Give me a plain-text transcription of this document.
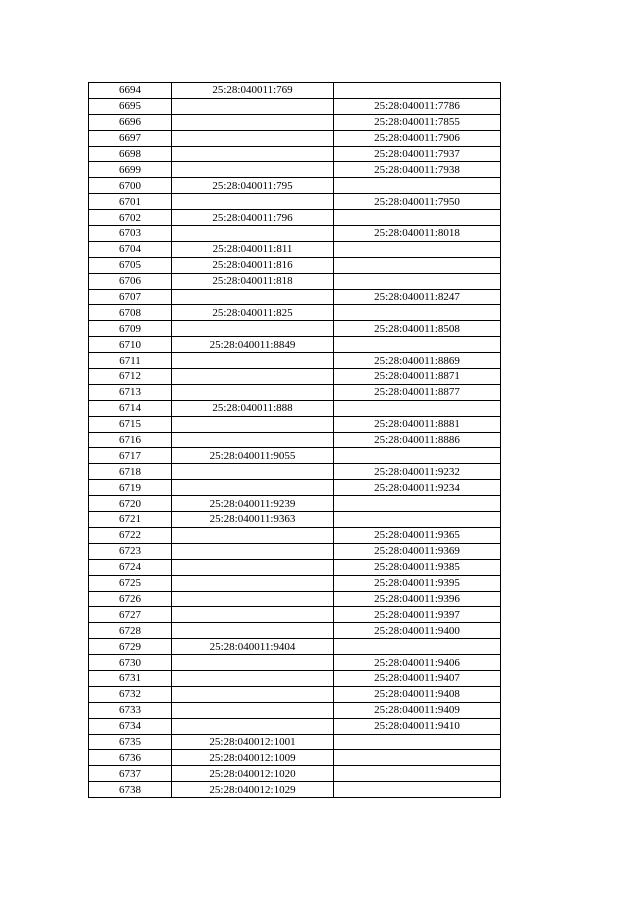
6694	25:28:040011:769	
6695		25:28:040011:7786
6696		25:28:040011:7855
6697		25:28:040011:7906
6698		25:28:040011:7937
6699		25:28:040011:7938
6700	25:28:040011:795	
6701		25:28:040011:7950
6702	25:28:040011:796	
6703		25:28:040011:8018
6704	25:28:040011:811	
6705	25:28:040011:816	
6706	25:28:040011:818	
6707		25:28:040011:8247
6708	25:28:040011:825	
6709		25:28:040011:8508
6710	25:28:040011:8849	
6711		25:28:040011:8869
6712		25:28:040011:8871
6713		25:28:040011:8877
6714	25:28:040011:888	
6715		25:28:040011:8881
6716		25:28:040011:8886
6717	25:28:040011:9055	
6718		25:28:040011:9232
6719		25:28:040011:9234
6720	25:28:040011:9239	
6721	25:28:040011:9363	
6722		25:28:040011:9365
6723		25:28:040011:9369
6724		25:28:040011:9385
6725		25:28:040011:9395
6726		25:28:040011:9396
6727		25:28:040011:9397
6728		25:28:040011:9400
6729	25:28:040011:9404	
6730		25:28:040011:9406
6731		25:28:040011:9407
6732		25:28:040011:9408
6733		25:28:040011:9409
6734		25:28:040011:9410
6735	25:28:040012:1001	
6736	25:28:040012:1009	
6737	25:28:040012:1020	
6738	25:28:040012:1029	
